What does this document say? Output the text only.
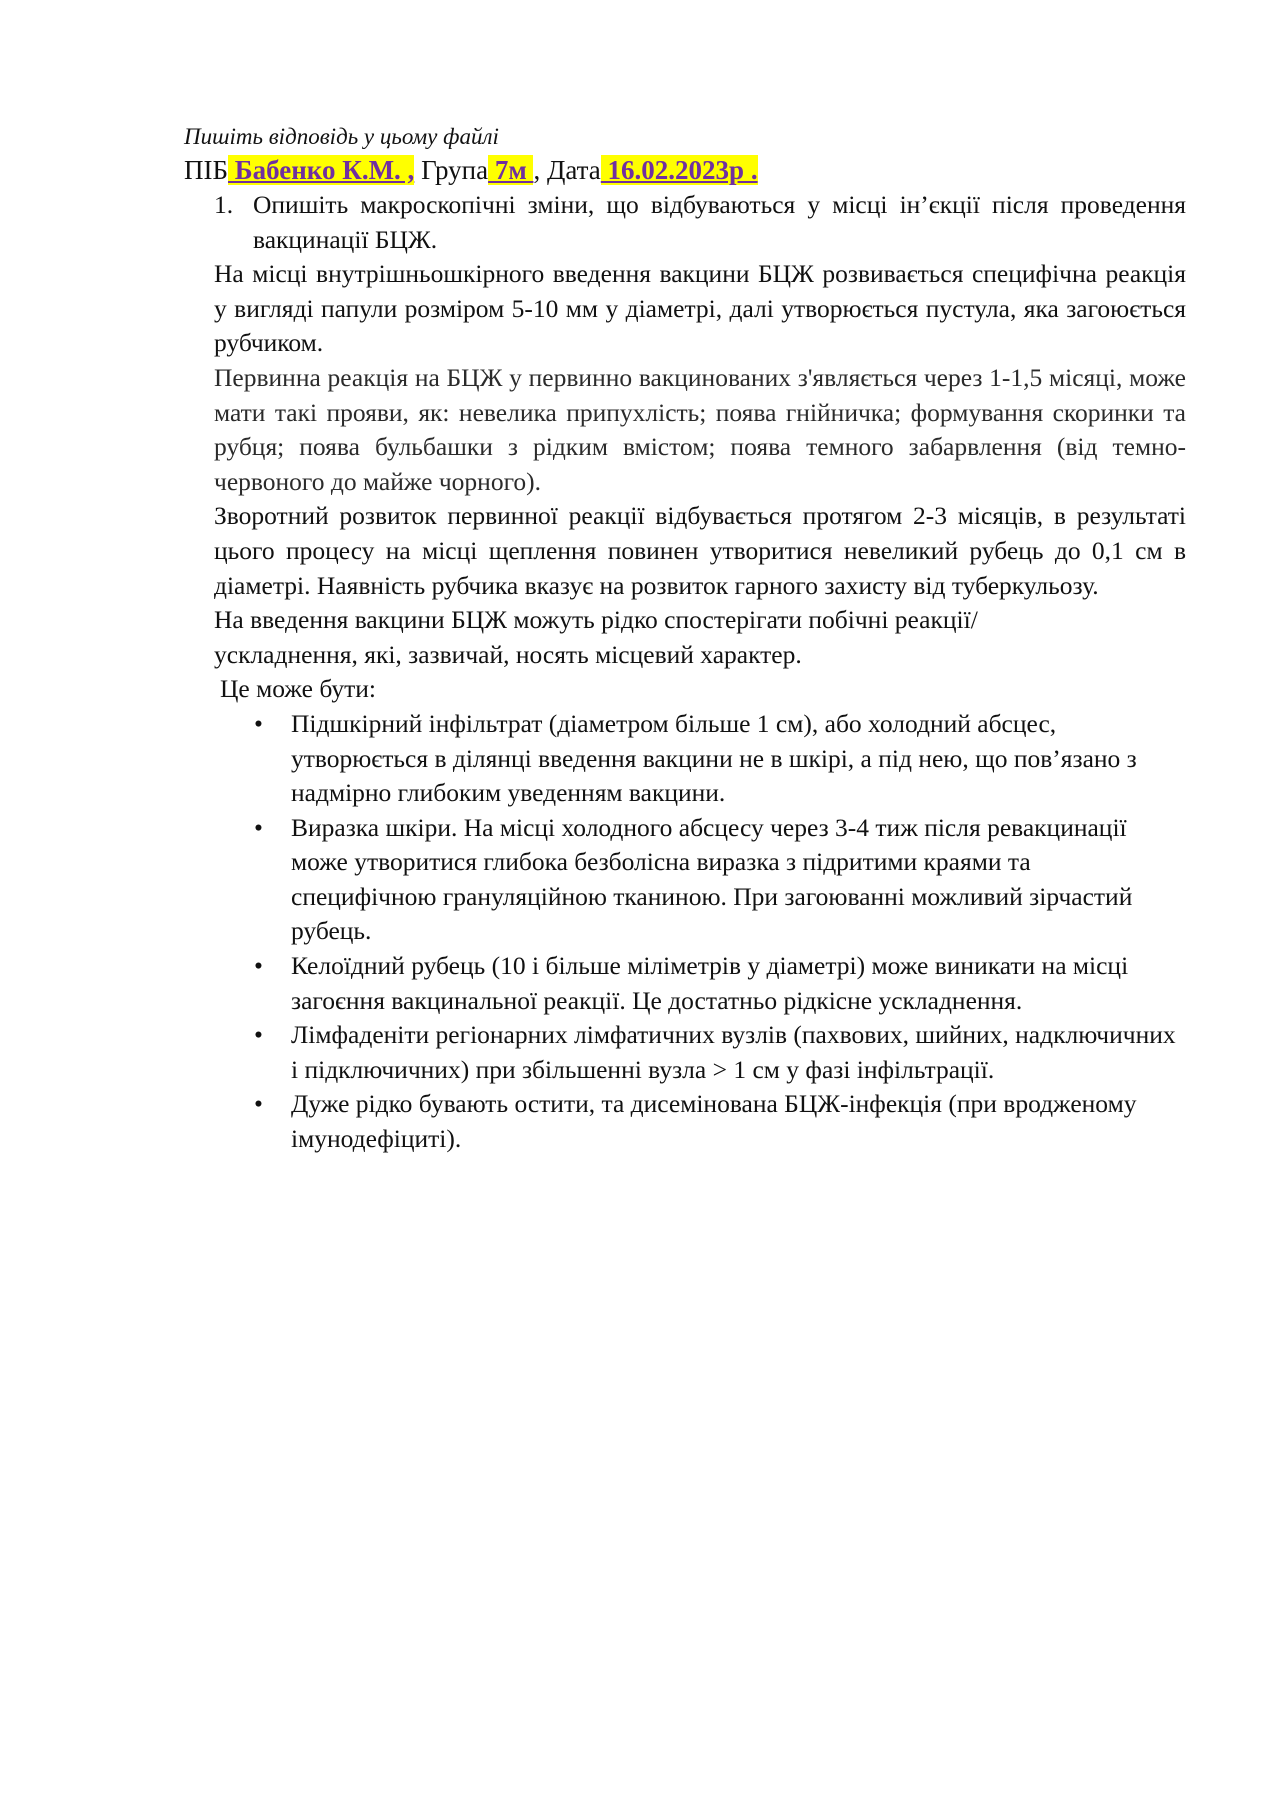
Пишіть відповідь у цьому файлі
ПІБ Бабенко К.М. , Група 7м , Дата 16.02.2023р .
1. Опишіть макроскопічні зміни, що відбуваються у місці ін’єкції після проведення вакцинації БЦЖ.
На місці внутрішньошкірного введення вакцини БЦЖ розвивається специфічна реакція у вигляді папули розміром 5-10 мм у діаметрі, далі утворюється пустула, яка загоюється рубчиком.
Первинна реакція на БЦЖ у первинно вакцинованих з'являється через 1-1,5 місяці, може мати такі прояви, як: невелика припухлість; поява гнійничка; формування скоринки та рубця; поява бульбашки з рідким вмістом; поява темного забарвлення (від темно-червоного до майже чорного).
Зворотний розвиток первинної реакції відбувається протягом 2-3 місяців, в результаті цього процесу на місці щеплення повинен утворитися невеликий рубець до 0,1 см в діаметрі. Наявність рубчика вказує на розвиток гарного захисту від туберкульозу.
На введення вакцини БЦЖ можуть рідко спостерігати побічні реакції/ускладнення, які, зазвичай, носять місцевий характер.
Це може бути:
• Підшкірний інфільтрат (діаметром більше 1 см), або холодний абсцес, утворюється в ділянці введення вакцини не в шкірі, а під нею, що пов’язано з надмірно глибоким уведенням вакцини.
• Виразка шкіри. На місці холодного абсцесу через 3-4 тиж після ревакцинації може утворитися глибока безболісна виразка з підритими краями та специфічною грануляційною тканиною. При загоюванні можливий зірчастий рубець.
• Келоїдний рубець (10 і більше міліметрів у діаметрі) може виникати на місці загоєння вакцинальної реакції. Це достатньо рідкісне ускладнення.
• Лімфаденіти регіонарних лімфатичних вузлів (пахвових, шийних, надключичних і підключичних) при збільшенні вузла > 1 см у фазі інфільтрації.
• Дуже рідко бувають остити, та дисемінована БЦЖ-інфекція (при вродженому імунодефіциті).
